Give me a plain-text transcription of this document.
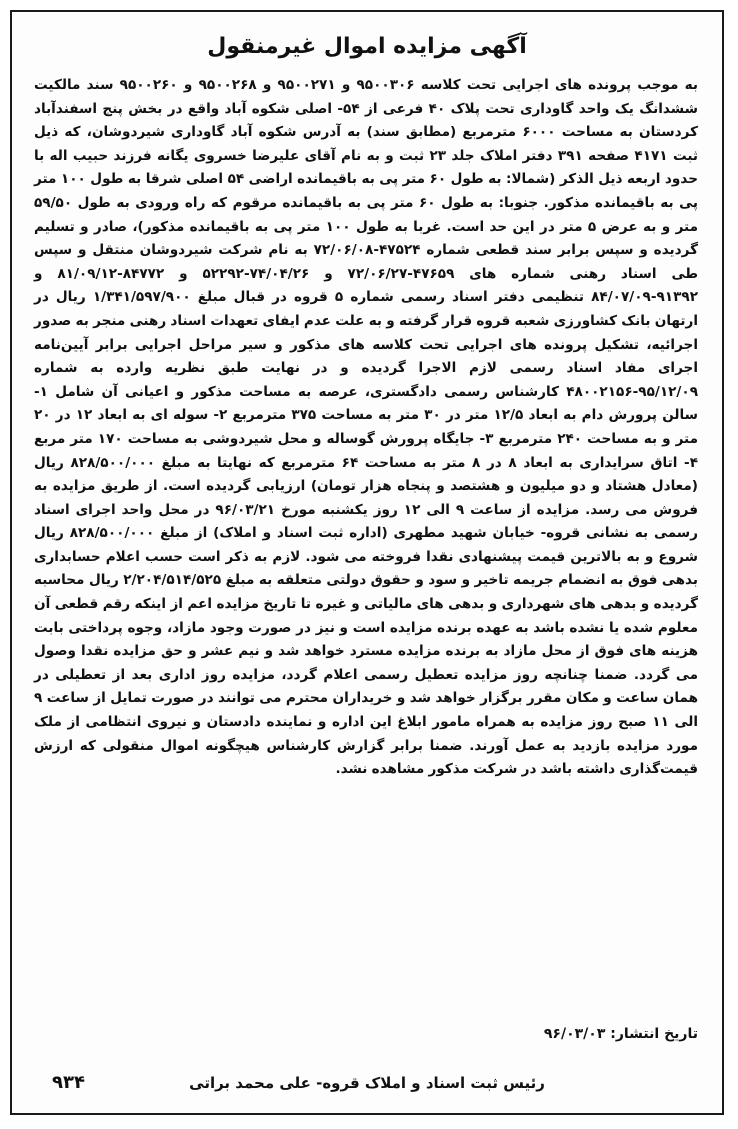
آگهی مزایده اموال غیرمنقول
به موجب پرونده های اجرایی تحت کلاسه ۹۵۰۰۳۰۶ و ۹۵۰۰۲۷۱ و ۹۵۰۰۲۶۸ و ۹۵۰۰۲۶۰ سند مالکیت ششدانگ یک واحد گاوداری تحت پلاک ۴۰ فرعی از ۵۴- اصلی شکوه آباد واقع در بخش پنج اسفندآباد کردستان به مساحت ۶۰۰۰ مترمربع (مطابق سند) به آدرس شکوه آباد گاوداری شیردوشان، که ذیل ثبت ۴۱۷۱ صفحه ۳۹۱ دفتر املاک جلد ۲۳ ثبت و به نام آقای علیرضا خسروی یگانه فرزند حبیب اله با حدود اربعه ذیل الذکر (شمالا: به طول ۶۰ متر پی به باقیمانده اراضی ۵۴ اصلی شرقا به طول ۱۰۰ متر پی به باقیمانده مذکور. جنوبا: به طول ۶۰ متر پی به باقیمانده مرقوم که راه ورودی به طول ۵۹/۵۰ متر و به عرض ۵ متر در این حد است. غربا به طول ۱۰۰ متر پی به باقیمانده مذکور)، صادر و تسلیم گردیده و سپس برابر سند قطعی شماره ۴۷۵۲۴-۷۲/۰۶/۰۸ به نام شرکت شیردوشان منتقل و سپس طی اسناد رهنی شماره های ۴۷۶۵۹-۷۲/۰۶/۲۷ و ۷۴/۰۴/۲۶-۵۲۲۹۲ و ۸۴۷۷۲-۸۱/۰۹/۱۲ و ۹۱۳۹۲-۸۴/۰۷/۰۹ تنظیمی دفتر اسناد رسمی شماره ۵ قروه در قبال مبلغ ۱/۳۴۱/۵۹۷/۹۰۰ ریال در ارتهان بانک کشاورزی شعبه قروه قرار گرفته و به علت عدم ایفای تعهدات اسناد رهنی منجر به صدور اجرائیه، تشکیل پرونده های اجرایی تحت کلاسه های مذکور و سیر مراحل اجرایی برابر آیین‌نامه اجرای مفاد اسناد رسمی لازم الاجرا گردیده و در نهایت طبق نظریه وارده به شماره ۹۵/۱۲/۰۹-۴۸۰۰۲۱۵۶ کارشناس رسمی دادگستری، عرصه به مساحت مذکور و اعیانی آن شامل ۱- سالن پرورش دام به ابعاد ۱۲/۵ متر در ۳۰ متر به مساحت ۳۷۵ مترمربع ۲- سوله ای به ابعاد ۱۲ در ۲۰ متر و به مساحت ۲۴۰ مترمربع ۳- جایگاه پرورش گوساله و محل شیردوشی به مساحت ۱۷۰ متر مربع ۴- اتاق سرایداری به ابعاد ۸ در ۸ متر به مساحت ۶۴ مترمربع که نهایتا به مبلغ ۸۲۸/۵۰۰/۰۰۰ ریال (معادل هشتاد و دو میلیون و هشتصد و پنجاه هزار تومان) ارزیابی گردیده است. از طریق مزایده به فروش می رسد. مزایده از ساعت ۹ الی ۱۲ روز یکشنبه مورخ ۹۶/۰۳/۲۱ در محل واحد اجرای اسناد رسمی به نشانی قروه- خیابان شهید مطهری (اداره ثبت اسناد و املاک) از مبلغ ۸۲۸/۵۰۰/۰۰۰ ریال شروع و به بالاترین قیمت پیشنهادی نقدا فروخته می شود. لازم به ذکر است حسب اعلام حسابداری بدهی فوق به انضمام جریمه تاخیر و سود و حقوق دولتی متعلقه به مبلغ ۲/۲۰۴/۵۱۴/۵۲۵ ریال محاسبه گردیده و بدهی های شهرداری و بدهی های مالیاتی و غیره تا تاریخ مزایده اعم از اینکه رقم قطعی آن معلوم شده یا نشده باشد به عهده برنده مزایده است و نیز در صورت وجود مازاد، وجوه پرداختی بابت هزینه های فوق از محل مازاد به برنده مزایده مسترد خواهد شد و نیم عشر و حق مزایده نقدا وصول می گردد. ضمنا چنانچه روز مزایده تعطیل رسمی اعلام گردد، مزایده روز اداری بعد از تعطیلی در همان ساعت و مکان مقرر برگزار خواهد شد و خریداران محترم می توانند در صورت تمایل از ساعت ۹ الی ۱۱ صبح روز مزایده به همراه مامور ابلاغ این اداره و نماینده دادستان و نیروی انتظامی از ملک مورد مزایده بازدید به عمل آورند. ضمنا برابر گزارش کارشناس هیچگونه اموال منقولی که ارزش قیمت‌گذاری داشته باشد در شرکت مذکور مشاهده نشد.
تاریخ انتشار: ۹۶/۰۳/۰۳
رئیس ثبت اسناد و املاک قروه- علی محمد براتی
۹۳۴
